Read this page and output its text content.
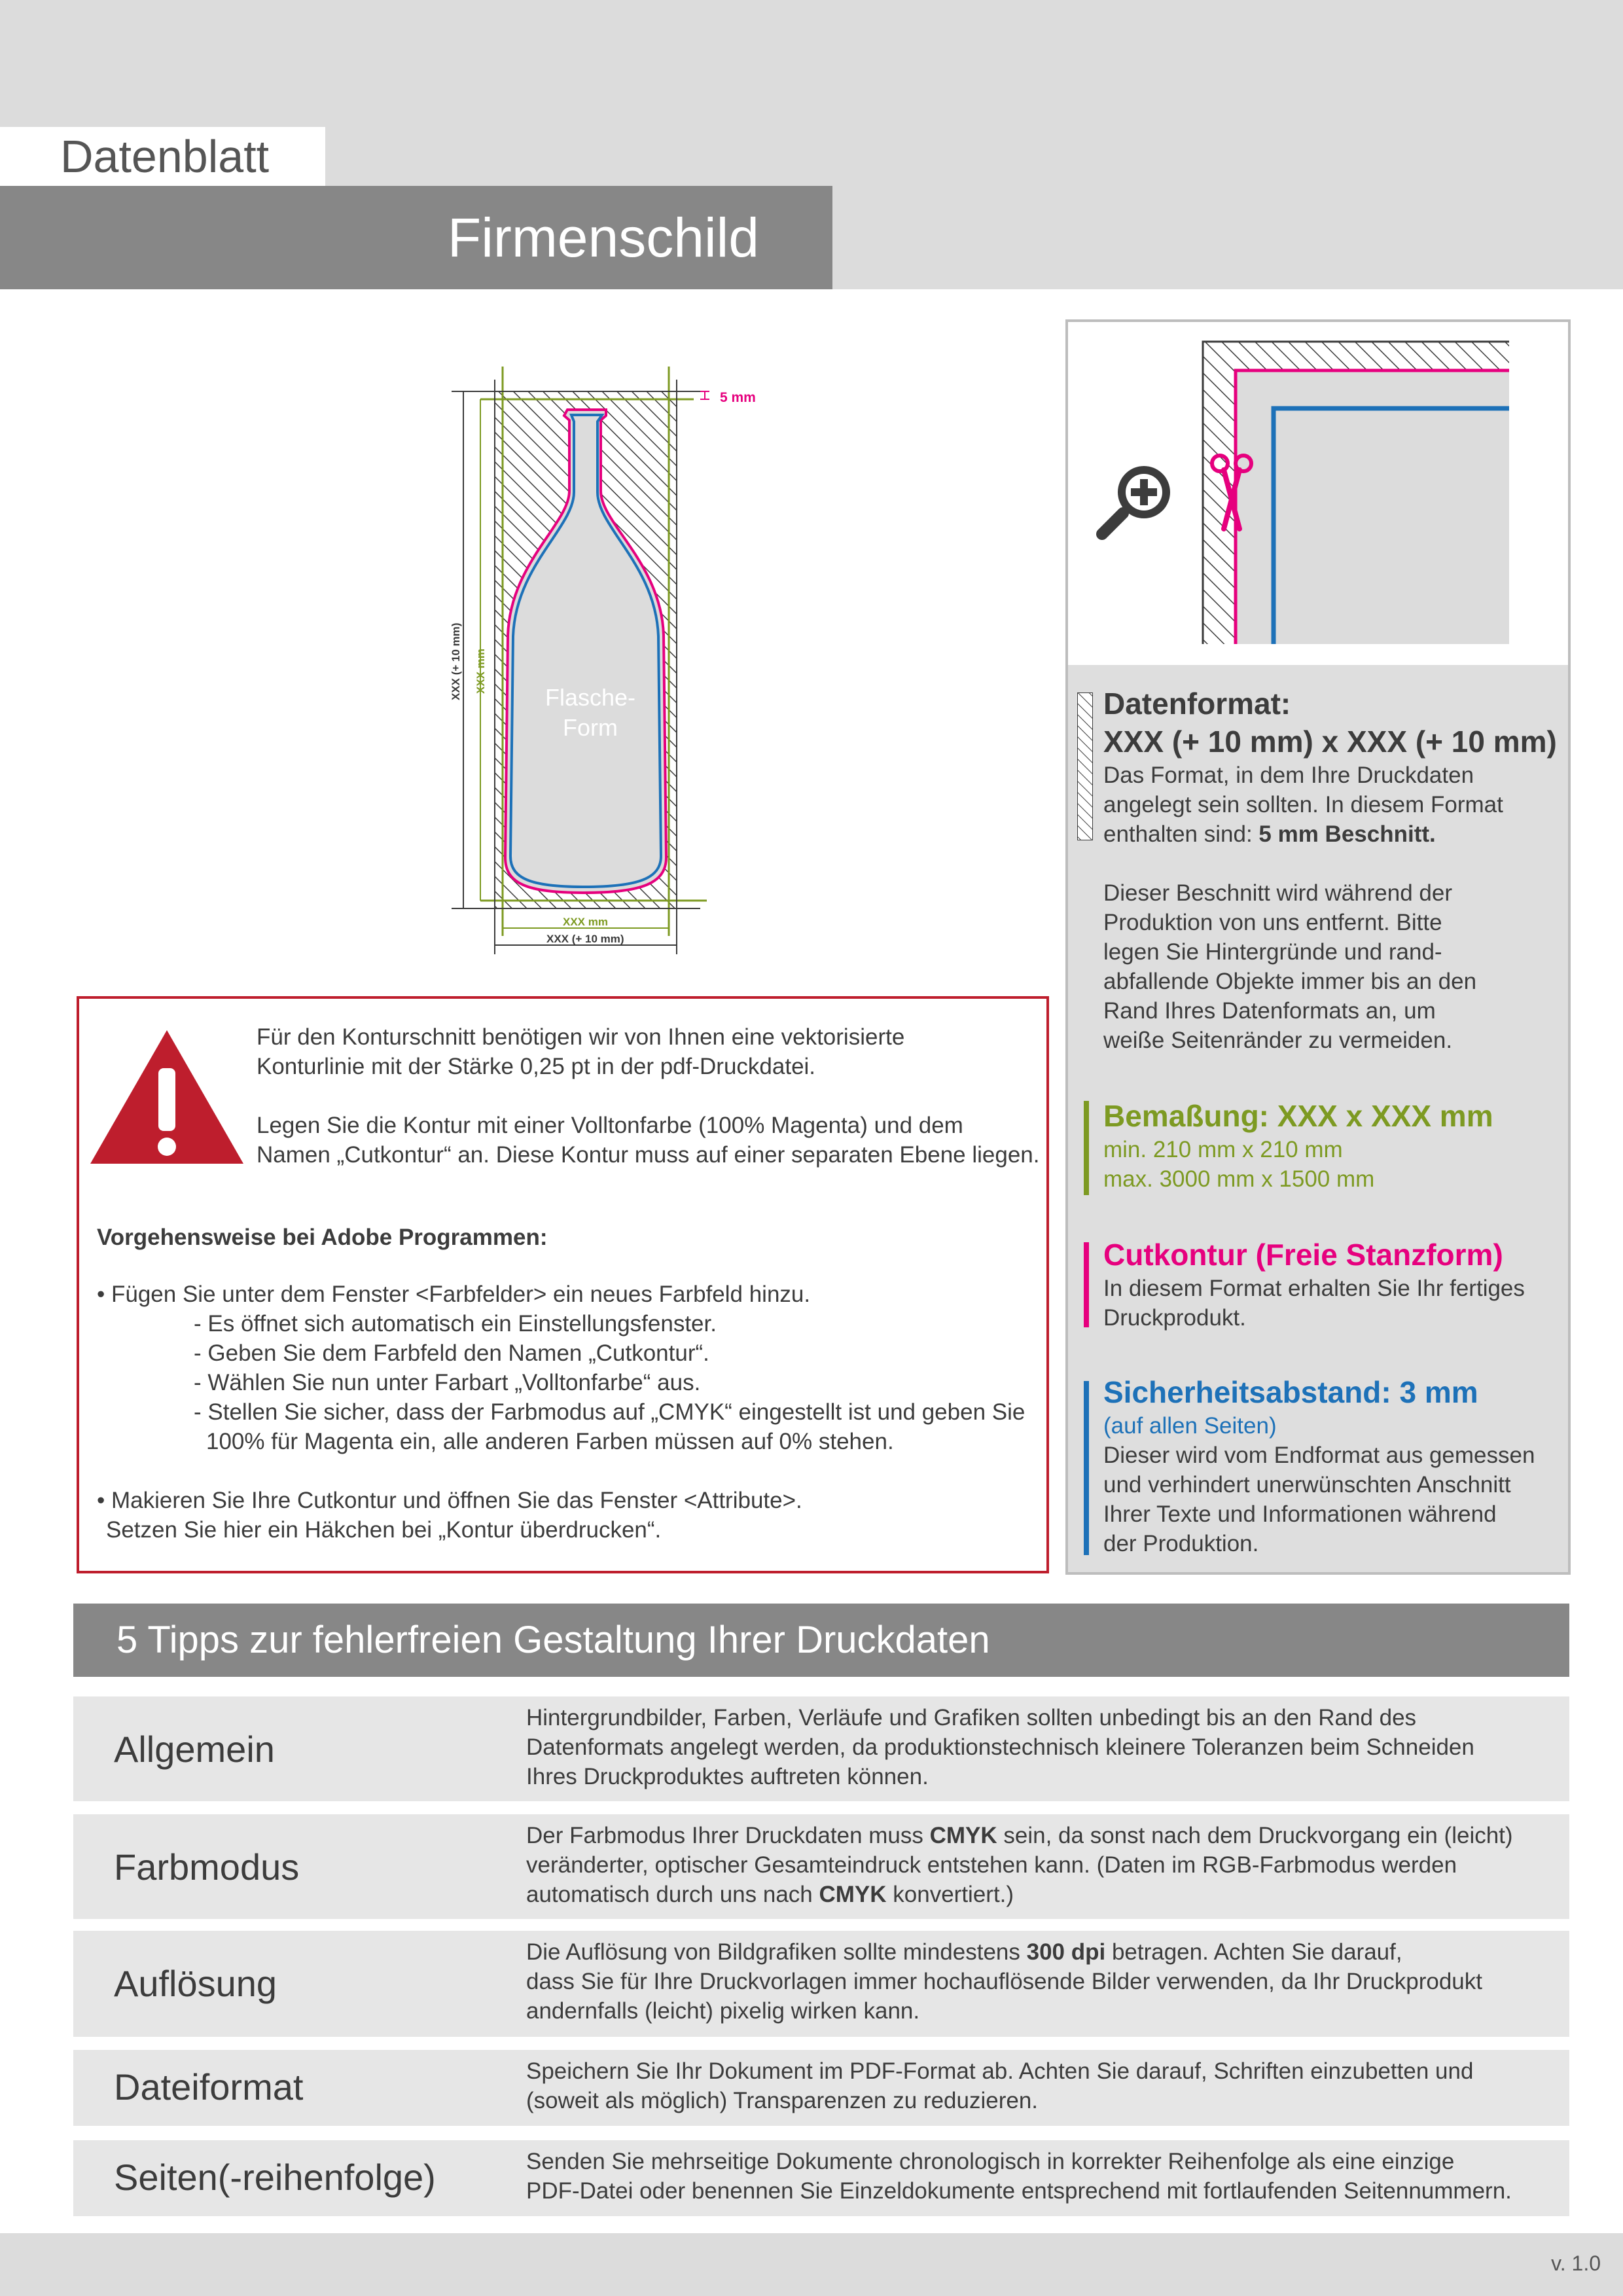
Datenblatt
Firmenschild
5 mm
XXX (+ 10 mm) XXX mm
XXX mm
XXX (+ 10 mm)
Flasche-
Form
Für den Konturschnitt benötigen wir von Ihnen eine vektorisierte
Konturlinie mit der Stärke 0,25 pt in der pdf-Druckdatei.
Legen Sie die Kontur mit einer Volltonfarbe (100% Magenta) und dem
Namen „Cutkontur“ an. Diese Kontur muss auf einer separaten Ebene liegen.
Vorgehensweise bei Adobe Programmen:
• Fügen Sie unter dem Fenster <Farbfelder> ein neues Farbfeld hinzu.
- Es öffnet sich automatisch ein Einstellungsfenster.
- Geben Sie dem Farbfeld den Namen „Cutkontur“.
- Wählen Sie nun unter Farbart „Volltonfarbe“ aus.
- Stellen Sie sicher, dass der Farbmodus auf „CMYK“ eingestellt ist und geben Sie
100% für Magenta ein, alle anderen Farben müssen auf 0% stehen.
• Makieren Sie Ihre Cutkontur und öffnen Sie das Fenster <Attribute>.
Setzen Sie hier ein Häkchen bei „Kontur überdrucken“.
Datenformat:
XXX (+ 10 mm) x XXX (+ 10 mm)
Das Format, in dem Ihre Druckdaten
angelegt sein sollten. In diesem Format
enthalten sind: 5 mm Beschnitt.
Dieser Beschnitt wird während der
Produktion von uns entfernt. Bitte
legen Sie Hintergründe und rand-
abfallende Objekte immer bis an den
Rand Ihres Datenformats an, um
weiße Seitenränder zu vermeiden.
Bemaßung: XXX x XXX mm
min. 210 mm x 210 mm
max. 3000 mm x 1500 mm
Cutkontur (Freie Stanzform)
In diesem Format erhalten Sie Ihr fertiges
Druckprodukt.
Sicherheitsabstand: 3 mm
(auf allen Seiten)
Dieser wird vom Endformat aus gemessen
und verhindert unerwünschten Anschnitt
Ihrer Texte und Informationen während
der Produktion.
5 Tipps zur fehlerfreien Gestaltung Ihrer Druckdaten
Allgemein
Hintergrundbilder, Farben, Verläufe und Grafiken sollten unbedingt bis an den Rand des
Datenformats angelegt werden, da produktionstechnisch kleinere Toleranzen beim Schneiden
Ihres Druckproduktes auftreten können.
Farbmodus
Der Farbmodus Ihrer Druckdaten muss CMYK sein, da sonst nach dem Druckvorgang ein (leicht)
veränderter, optischer Gesamteindruck entstehen kann. (Daten im RGB-Farbmodus werden
automatisch durch uns nach CMYK konvertiert.)
Auflösung
Die Auflösung von Bildgrafiken sollte mindestens 300 dpi betragen. Achten Sie darauf,
dass Sie für Ihre Druckvorlagen immer hochauflösende Bilder verwenden, da Ihr Druckprodukt
andernfalls (leicht) pixelig wirken kann.
Dateiformat	Speichern Sie Ihr Dokument im PDF-Format ab. Achten Sie darauf, Schriften einzubetten und
(soweit als möglich) Transparenzen zu reduzieren.
Seiten(-reihenfolge)	Senden Sie mehrseitige Dokumente chronologisch in korrekter Reihenfolge als eine einzige
PDF-Datei oder benennen Sie Einzeldokumente entsprechend mit fortlaufenden Seitennummern.
v. 1.0
